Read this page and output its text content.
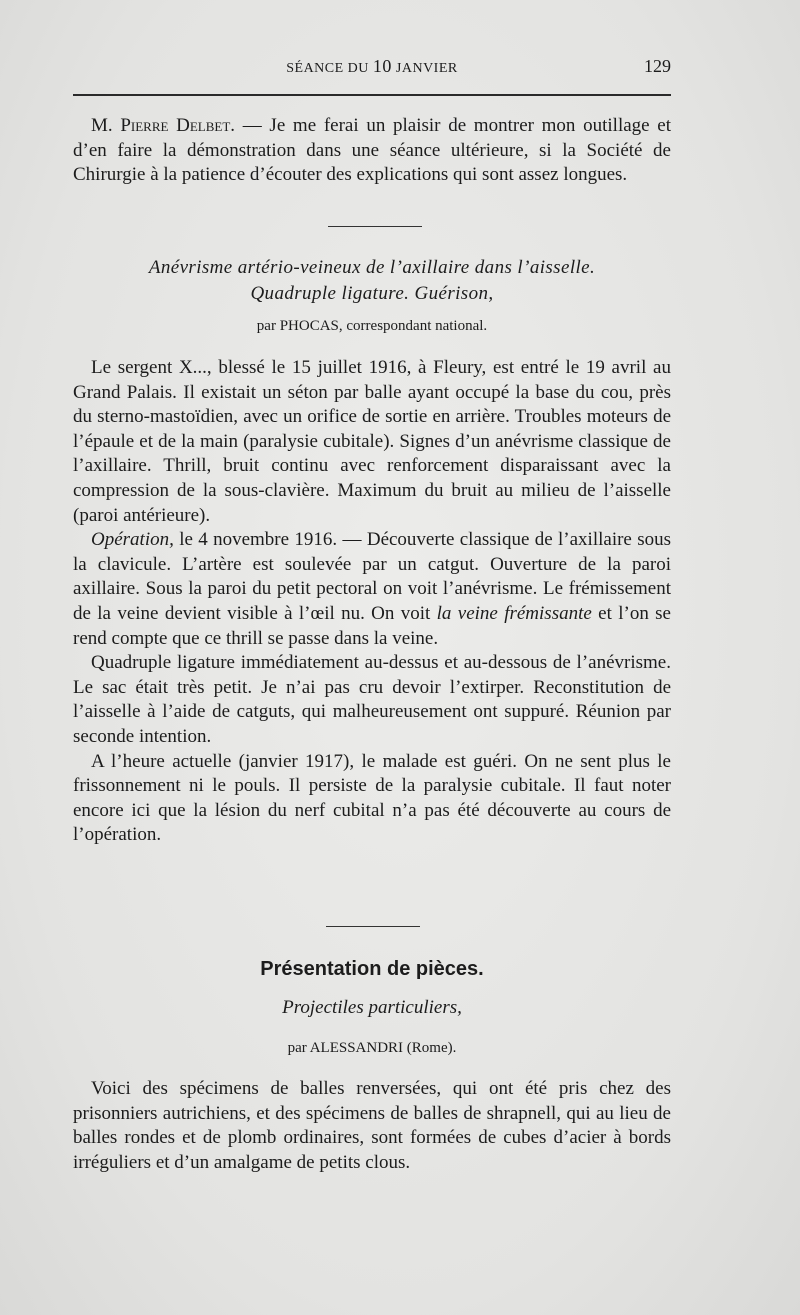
SÉANCE DU 10 JANVIER	129

M. Pierre Delbet. — Je me ferai un plaisir de montrer mon outillage et d’en faire la démonstration dans une séance ultérieure, si la Société de Chirurgie à la patience d’écouter des explications qui sont assez longues.

Anévrisme artério-veineux de l’axillaire dans l’aisselle.
Quadruple ligature. Guérison,
par PHOCAS, correspondant national.

Le sergent X..., blessé le 15 juillet 1916, à Fleury, est entré le 19 avril au Grand Palais. Il existait un séton par balle ayant occupé la base du cou, près du sterno-mastoïdien, avec un orifice de sortie en arrière. Troubles moteurs de l’épaule et de la main (paralysie cubitale). Signes d’un anévrisme classique de l’axillaire. Thrill, bruit continu avec renforcement disparaissant avec la compression de la sous-clavière. Maximum du bruit au milieu de l’aisselle (paroi antérieure).

Opération, le 4 novembre 1916. — Découverte classique de l’axillaire sous la clavicule. L’artère est soulevée par un catgut. Ouverture de la paroi axillaire. Sous la paroi du petit pectoral on voit l’anévrisme. Le frémissement de la veine devient visible à l’œil nu. On voit la veine frémissante et l’on se rend compte que ce thrill se passe dans la veine.

Quadruple ligature immédiatement au-dessus et au-dessous de l’anévrisme. Le sac était très petit. Je n’ai pas cru devoir l’extirper. Reconstitution de l’aisselle à l’aide de catguts, qui malheureusement ont suppuré. Réunion par seconde intention.

A l’heure actuelle (janvier 1917), le malade est guéri. On ne sent plus le frissonnement ni le pouls. Il persiste de la paralysie cubitale. Il faut noter encore ici que la lésion du nerf cubital n’a pas été découverte au cours de l’opération.

Présentation de pièces.
Projectiles particuliers,
par ALESSANDRI (Rome).

Voici des spécimens de balles renversées, qui ont été pris chez des prisonniers autrichiens, et des spécimens de balles de shrapnell, qui au lieu de balles rondes et de plomb ordinaires, sont formées de cubes d’acier à bords irréguliers et d’un amalgame de petits clous.
